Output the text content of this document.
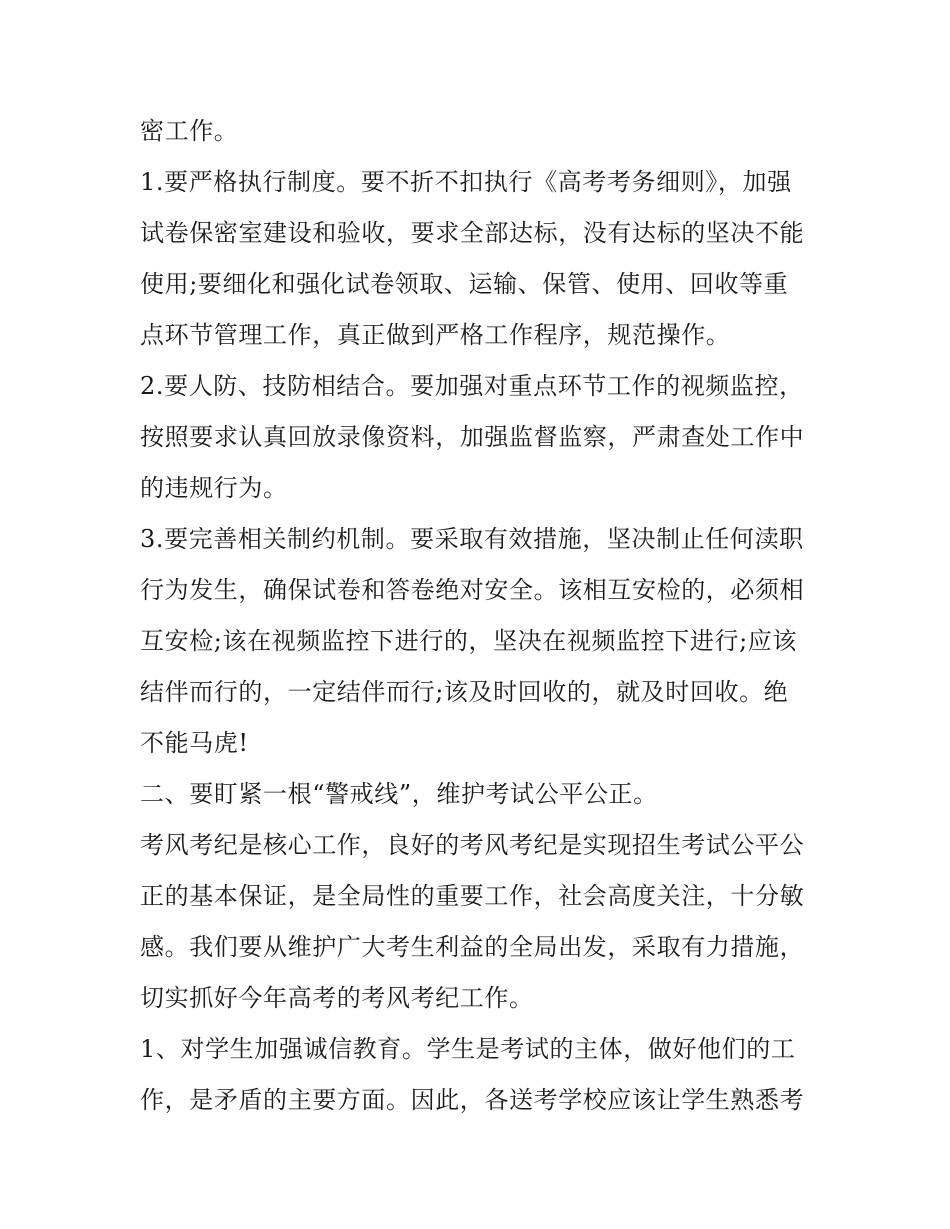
密工作。
1.要严格执行制度。要不折不扣执行《高考考务细则》，加强
试卷保密室建设和验收，要求全部达标，没有达标的坚决不能
使用;要细化和强化试卷领取、运输、保管、使用、回收等重
点环节管理工作，真正做到严格工作程序，规范操作。
2.要人防、技防相结合。要加强对重点环节工作的视频监控，
按照要求认真回放录像资料，加强监督监察，严肃查处工作中
的违规行为。
3.要完善相关制约机制。要采取有效措施，坚决制止任何渎职
行为发生，确保试卷和答卷绝对安全。该相互安检的，必须相
互安检;该在视频监控下进行的，坚决在视频监控下进行;应该
结伴而行的，一定结伴而行;该及时回收的，就及时回收。绝
不能马虎!
二、要盯紧一根“警戒线”，维护考试公平公正。
考风考纪是核心工作，良好的考风考纪是实现招生考试公平公
正的基本保证，是全局性的重要工作，社会高度关注，十分敏
感。我们要从维护广大考生利益的全局出发，采取有力措施，
切实抓好今年高考的考风考纪工作。
1、对学生加强诚信教育。学生是考试的主体，做好他们的工
作，是矛盾的主要方面。因此，各送考学校应该让学生熟悉考
